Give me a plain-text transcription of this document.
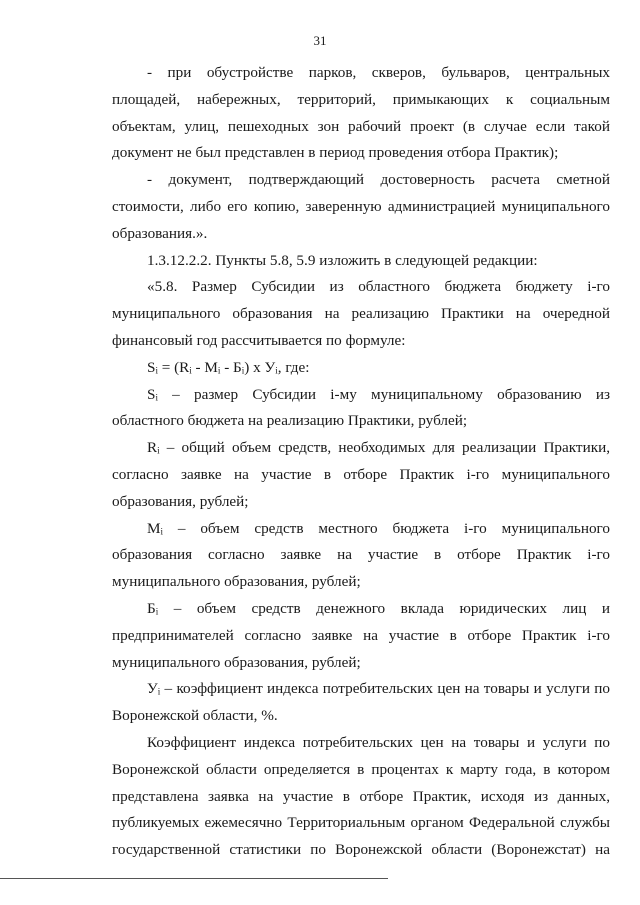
31

- при обустройстве парков, скверов, бульваров, центральных площадей, набережных, территорий, примыкающих к социальным объектам, улиц, пешеходных зон рабочий проект (в случае если такой документ не был представлен в период проведения отбора Практик);

- документ, подтверждающий достоверность расчета сметной стоимости, либо его копию, заверенную администрацией муниципального образования.».

1.3.12.2.2. Пункты 5.8, 5.9 изложить в следующей редакции:

«5.8. Размер Субсидии из областного бюджета бюджету i-го муниципального образования на реализацию Практики на очередной финансовый год рассчитывается по формуле:

Sᵢ = (Rᵢ - Mᵢ - Бᵢ) x Уᵢ, где:

Sᵢ – размер Субсидии i-му муниципальному образованию из областного бюджета на реализацию Практики, рублей;

Rᵢ – общий объем средств, необходимых для реализации Практики, согласно заявке на участие в отборе Практик i-го муниципального образования, рублей;

Mᵢ – объем средств местного бюджета i-го муниципального образования согласно заявке на участие в отборе Практик i-го муниципального образования, рублей;

Бᵢ – объем средств денежного вклада юридических лиц и предпринимателей согласно заявке на участие в отборе Практик i-го муниципального образования, рублей;

Уᵢ – коэффициент индекса потребительских цен на товары и услуги по Воронежской области, %.

Коэффициент индекса потребительских цен на товары и услуги по Воронежской области определяется в процентах к марту года, в котором представлена заявка на участие в отборе Практик, исходя из данных, публикуемых ежемесячно Территориальным органом Федеральной службы государственной статистики по Воронежской области (Воронежстат) на
